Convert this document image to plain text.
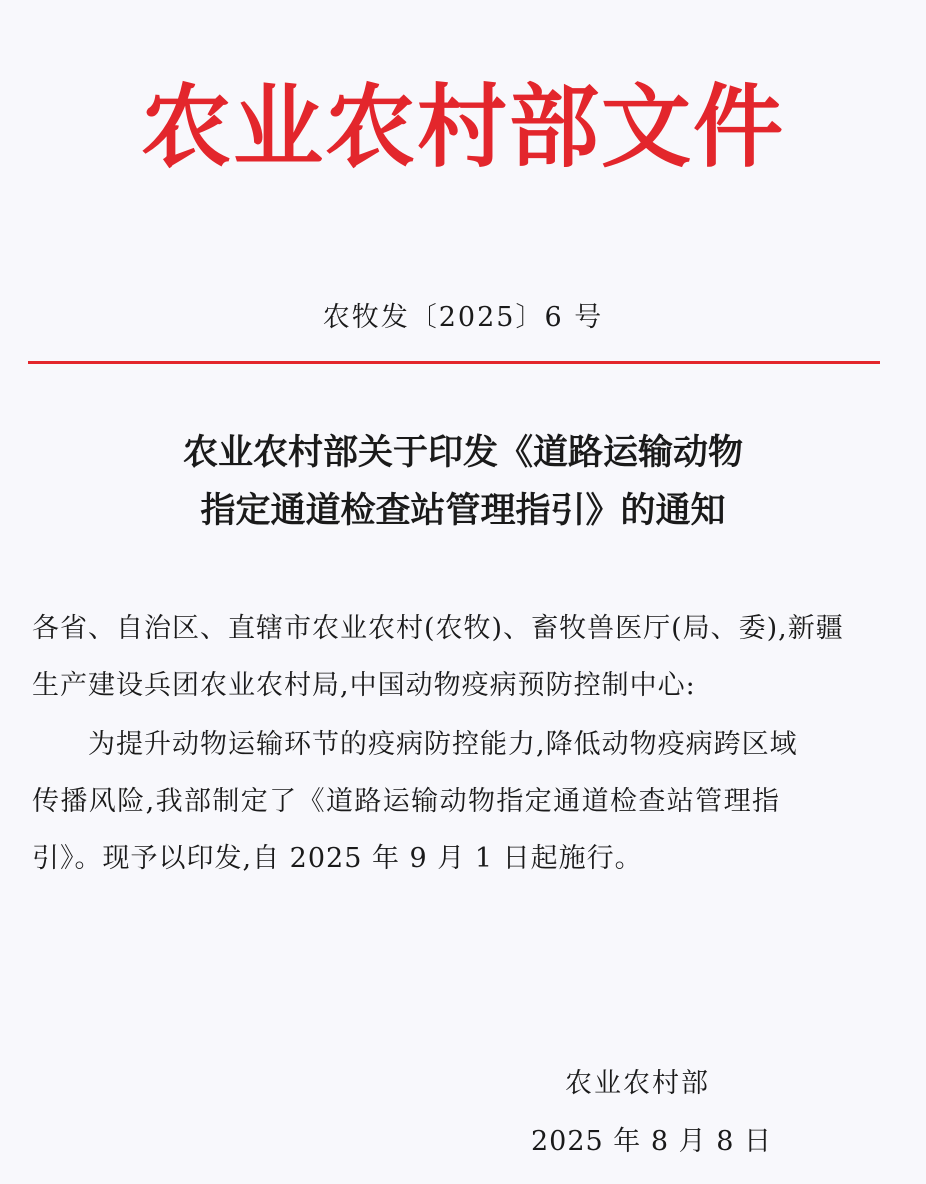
农业农村部文件
农牧发〔2025〕6 号
农业农村部关于印发《道路运输动物
指定通道检查站管理指引》的通知
各省、自治区、直辖市农业农村(农牧)、畜牧兽医厅(局、委),新疆
生产建设兵团农业农村局,中国动物疫病预防控制中心:
为提升动物运输环节的疫病防控能力,降低动物疫病跨区域
传播风险,我部制定了《道路运输动物指定通道检查站管理指
引》。现予以印发,自 2025 年 9 月 1 日起施行。
农业农村部
2025 年 8 月 8 日
